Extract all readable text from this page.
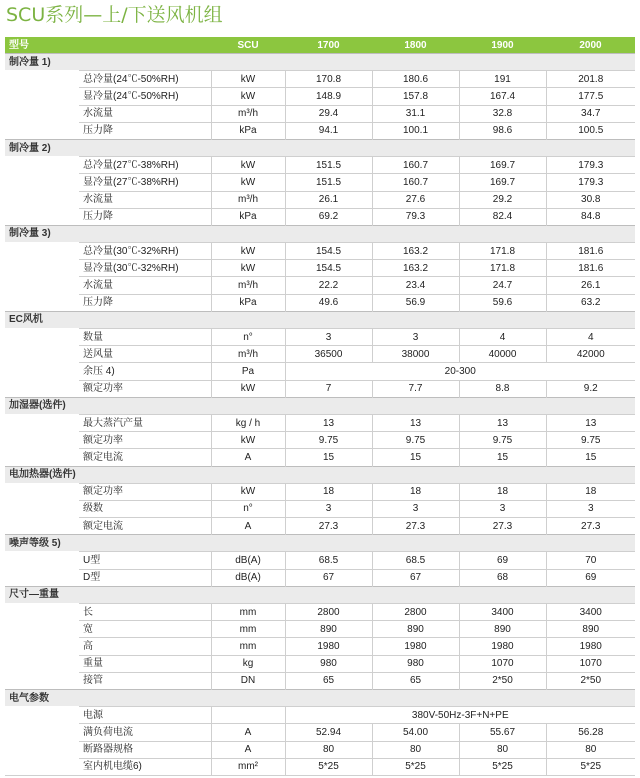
SCU系列—上/下送风机组
型号		SCU	1700	1800	1900	2000
制冷量 1)						
	总冷量(24℃-50%RH)	kW	170.8	180.6	191	201.8
	显冷量(24℃-50%RH)	kW	148.9	157.8	167.4	177.5
	水流量	m³/h	29.4	31.1	32.8	34.7
	压力降	kPa	94.1	100.1	98.6	100.5
制冷量 2)						
	总冷量(27℃-38%RH)	kW	151.5	160.7	169.7	179.3
	显冷量(27℃-38%RH)	kW	151.5	160.7	169.7	179.3
	水流量	m³/h	26.1	27.6	29.2	30.8
	压力降	kPa	69.2	79.3	82.4	84.8
制冷量 3)						
	总冷量(30℃-32%RH)	kW	154.5	163.2	171.8	181.6
	显冷量(30℃-32%RH)	kW	154.5	163.2	171.8	181.6
	水流量	m³/h	22.2	23.4	24.7	26.1
	压力降	kPa	49.6	56.9	59.6	63.2
EC风机						
	数量	n°	3	3	4	4
	送风量	m³/h	36500	38000	40000	42000
	余压 4)	Pa	20-300			
	额定功率	kW	7	7.7	8.8	9.2
加湿器(选件)						
	最大蒸汽产量	kg / h	13	13	13	13
	额定功率	kW	9.75	9.75	9.75	9.75
	额定电流	A	15	15	15	15
电加热器(选件)						
	额定功率	kW	18	18	18	18
	级数	n°	3	3	3	3
	额定电流	A	27.3	27.3	27.3	27.3
噪声等级 5)						
	U型	dB(A)	68.5	68.5	69	70
	D型	dB(A)	67	67	68	69
尺寸—重量						
	长	mm	2800	2800	3400	3400
	宽	mm	890	890	890	890
	高	mm	1980	1980	1980	1980
	重量	kg	980	980	1070	1070
	接管	DN	65	65	2*50	2*50
电气参数						
	电源		380V-50Hz-3F+N+PE			
	满负荷电流	A	52.94	54.00	55.67	56.28
	断路器规格	A	80	80	80	80
	室内机电缆6)	mm²	5*25	5*25	5*25	5*25
